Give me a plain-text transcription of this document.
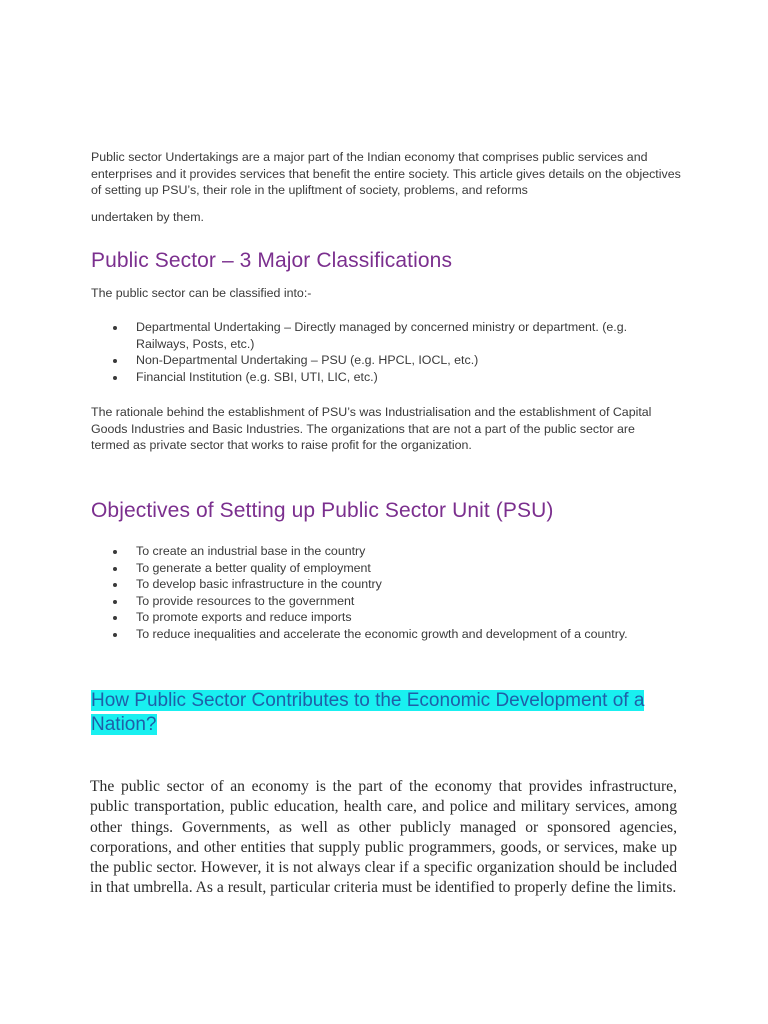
Public sector Undertakings are a major part of the Indian economy that comprises public services and enterprises and it provides services that benefit the entire society. This article gives details on the objectives of setting up PSU’s, their role in the upliftment of society, problems, and reforms

undertaken by them.

Public Sector – 3 Major Classifications

The public sector can be classified into:-

Departmental Undertaking – Directly managed by concerned ministry or department. (e.g. Railways, Posts, etc.)
Non-Departmental Undertaking – PSU (e.g. HPCL, IOCL, etc.)
Financial Institution (e.g. SBI, UTI, LIC, etc.)

The rationale behind the establishment of PSU’s was Industrialisation and the establishment of Capital Goods Industries and Basic Industries. The organizations that are not a part of the public sector are termed as private sector that works to raise profit for the organization.

Objectives of Setting up Public Sector Unit (PSU)
To create an industrial base in the country
To generate a better quality of employment
To develop basic infrastructure in the country
To provide resources to the government
To promote exports and reduce imports
To reduce inequalities and accelerate the economic growth and development of a country.
How Public Sector Contributes to the Economic Development of a Nation?

The public sector of an economy is the part of the economy that provides infrastructure, public transportation, public education, health care, and police and military services, among other things. Governments, as well as other publicly managed or sponsored agencies, corporations, and other entities that supply public programmers, goods, or services, make up the public sector. However, it is not always clear if a specific organization should be included in that umbrella. As a result, particular criteria must be identified to properly define the limits.
